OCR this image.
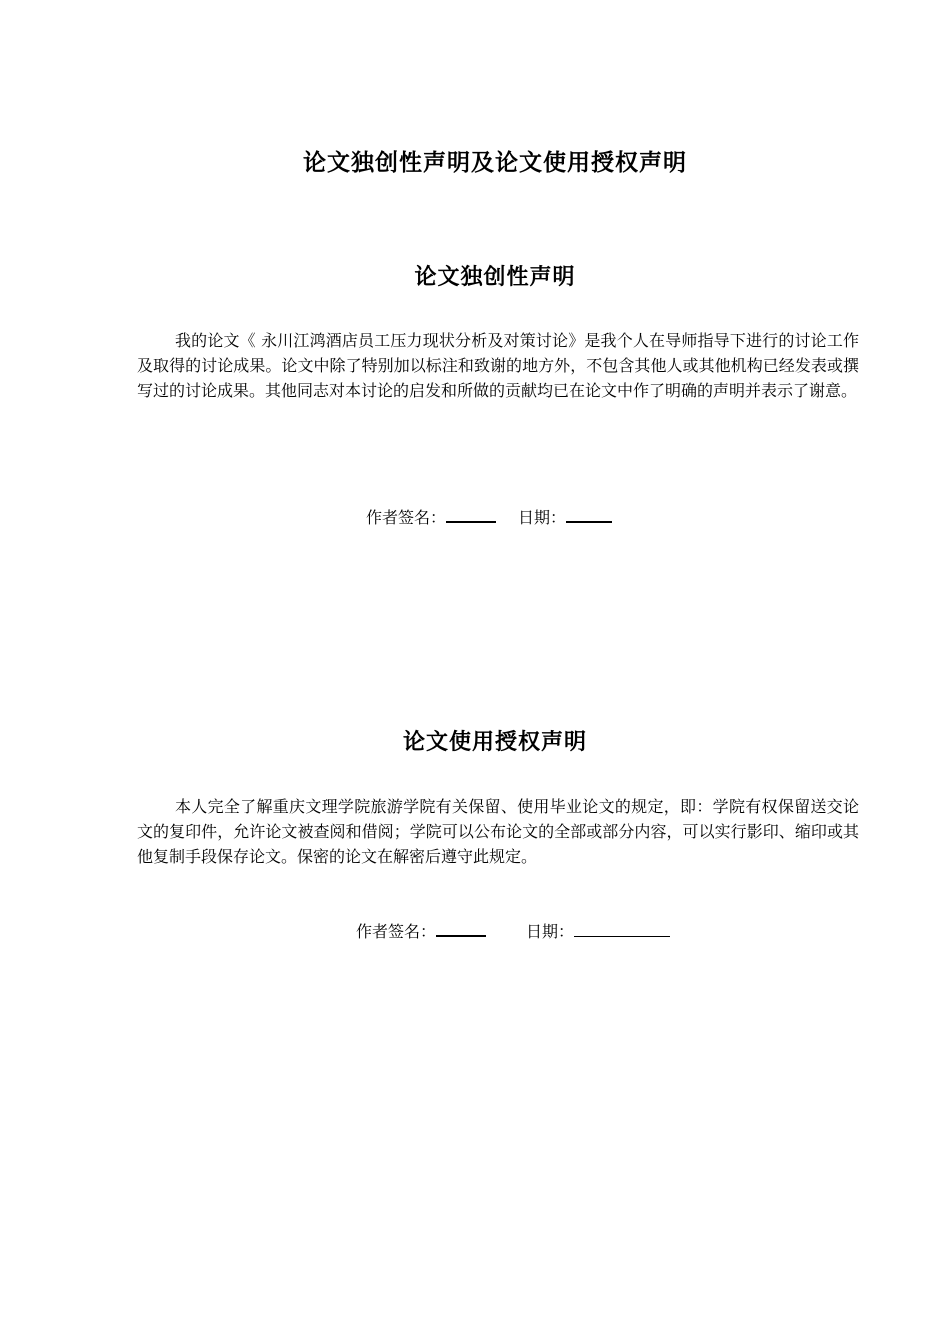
论文独创性声明及论文使用授权声明
论文独创性声明

我的论文《 永川江鸿酒店员工压力现状分析及对策讨论》是我个人在导师指导下进行的讨论工作及取得的讨论成果。论文中除了特别加以标注和致谢的地方外，不包含其他人或其他机构已经发表或撰写过的讨论成果。其他同志对本讨论的启发和所做的贡献均已在论文中作了明确的声明并表示了谢意。

作者签名：	日期：
论文使用授权声明

本人完全了解重庆文理学院旅游学院有关保留、使用毕业论文的规定，即：学院有权保留送交论文的复印件，允许论文被查阅和借阅；学院可以公布论文的全部或部分内容，可以实行影印、缩印或其他复制手段保存论文。保密的论文在解密后遵守此规定。

作者签名：	日期：
